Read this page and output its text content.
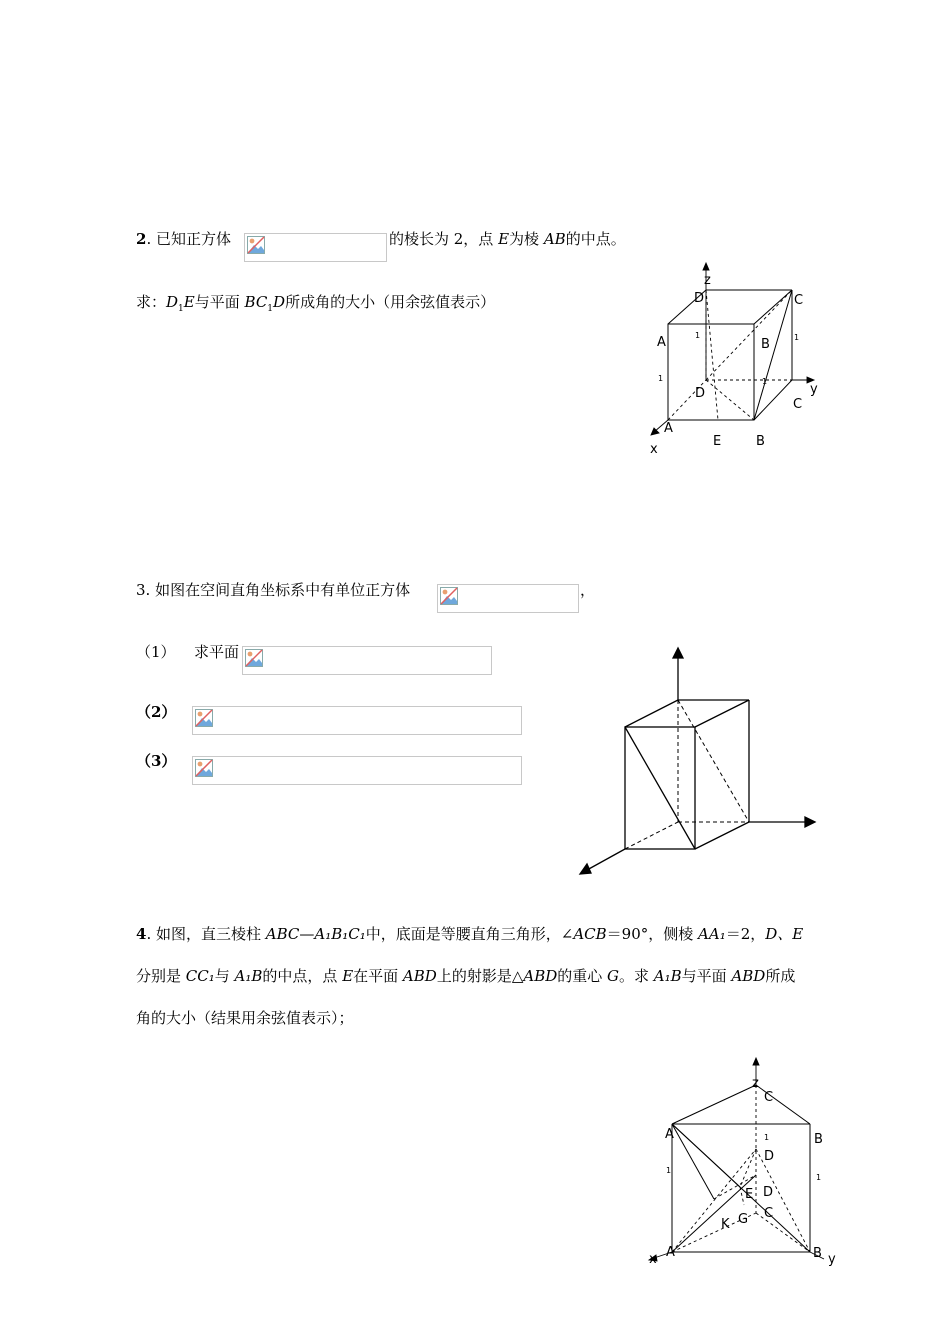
2. 已知正方体	的棱长为 2，点 E为棱 AB的中点。
求：$D_1E$与平面 $BC_1D$所成角的大小（用余弦值表示）
z
D	C
A	B
D
C
y
A
x
E	B
1	1
1	1
3. 如图在空间直角坐标系中有单位正方体	，
（1） 求平面
（2）
（3）
4. 如图，直三棱柱 ABC—A₁B₁C₁中，底面是等腰直角三角形，∠ACB＝90°，侧棱 AA₁＝2，D、E
分别是 CC₁与 A₁B的中点，点 E在平面 ABD上的射影是△ABD的重心 G。求 A₁B与平面 ABD所成
角的大小（结果用余弦值表示）；
z
C
A	B
D
E D
G C
K
A
x	B y
1
1
1
